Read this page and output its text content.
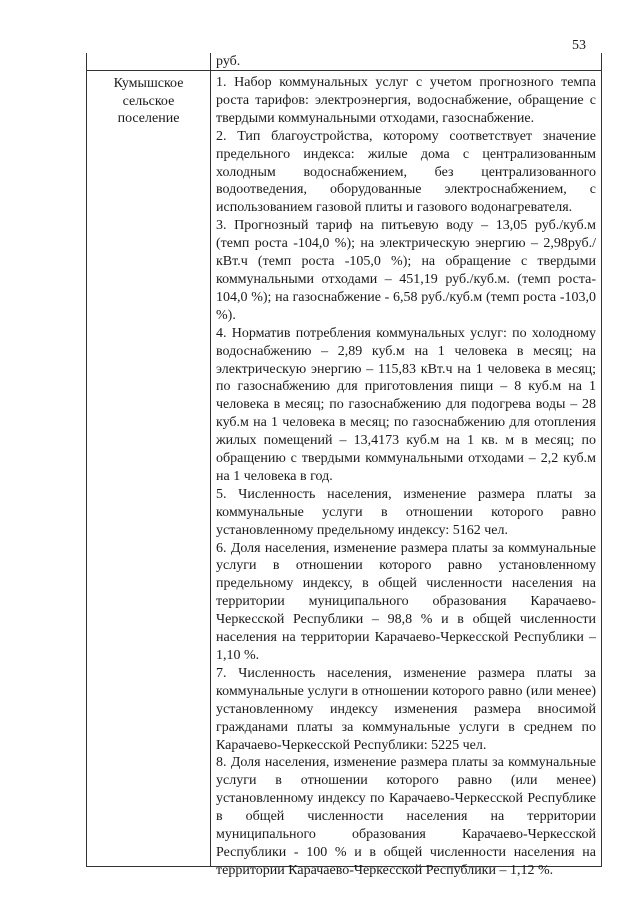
53
руб.
Кумышское
сельское
поселение

1. Набор коммунальных услуг с учетом прогнозного темпа роста тарифов: электроэнергия, водоснабжение, обращение с твердыми коммунальными отходами, газоснабжение.

2. Тип благоустройства, которому соответствует значение предельного индекса: жилые дома с централизованным холодным водоснабжением, без централизованного водоотведения, оборудованные электроснабжением, с использованием газовой плиты и газового водонагревателя.

3. Прогнозный тариф на питьевую воду – 13,05 руб./куб.м (темп роста -104,0 %); на электрическую энергию – 2,98руб./кВт.ч (темп роста -105,0 %); на обращение с твердыми коммунальными отходами – 451,19 руб./куб.м. (темп роста- 104,0 %); на газоснабжение - 6,58 руб./куб.м (темп роста -103,0 %).

4. Норматив потребления коммунальных услуг: по холодному водоснабжению – 2,89 куб.м на 1 человека в месяц; на электрическую энергию – 115,83 кВт.ч на 1 человека в месяц; по газоснабжению для приготовления пищи – 8 куб.м на 1 человека в месяц; по газоснабжению для подогрева воды – 28 куб.м на 1 человека в месяц; по газоснабжению для отопления жилых помещений – 13,4173 куб.м на 1 кв. м в месяц; по обращению с твердыми коммунальными отходами – 2,2 куб.м на 1 человека в год.

5. Численность населения, изменение размера платы за коммунальные услуги в отношении которого равно установленному предельному индексу: 5162 чел.

6. Доля населения, изменение размера платы за коммунальные услуги в отношении которого равно установленному предельному индексу, в общей численности населения на территории муниципального образования Карачаево-Черкесской Республики – 98,8 % и в общей численности населения на территории Карачаево-Черкесской Республики – 1,10 %.

7. Численность населения, изменение размера платы за коммунальные услуги в отношении которого равно (или менее) установленному индексу изменения размера вносимой гражданами платы за коммунальные услуги в среднем по Карачаево-Черкесской Республики: 5225 чел.

8. Доля населения, изменение размера платы за коммунальные услуги в отношении которого равно (или менее) установленному индексу по Карачаево-Черкесской Республике в общей численности населения на территории муниципального образования Карачаево-Черкесской Республики - 100 % и в общей численности населения на территории Карачаево-Черкесской Республики – 1,12 %.
